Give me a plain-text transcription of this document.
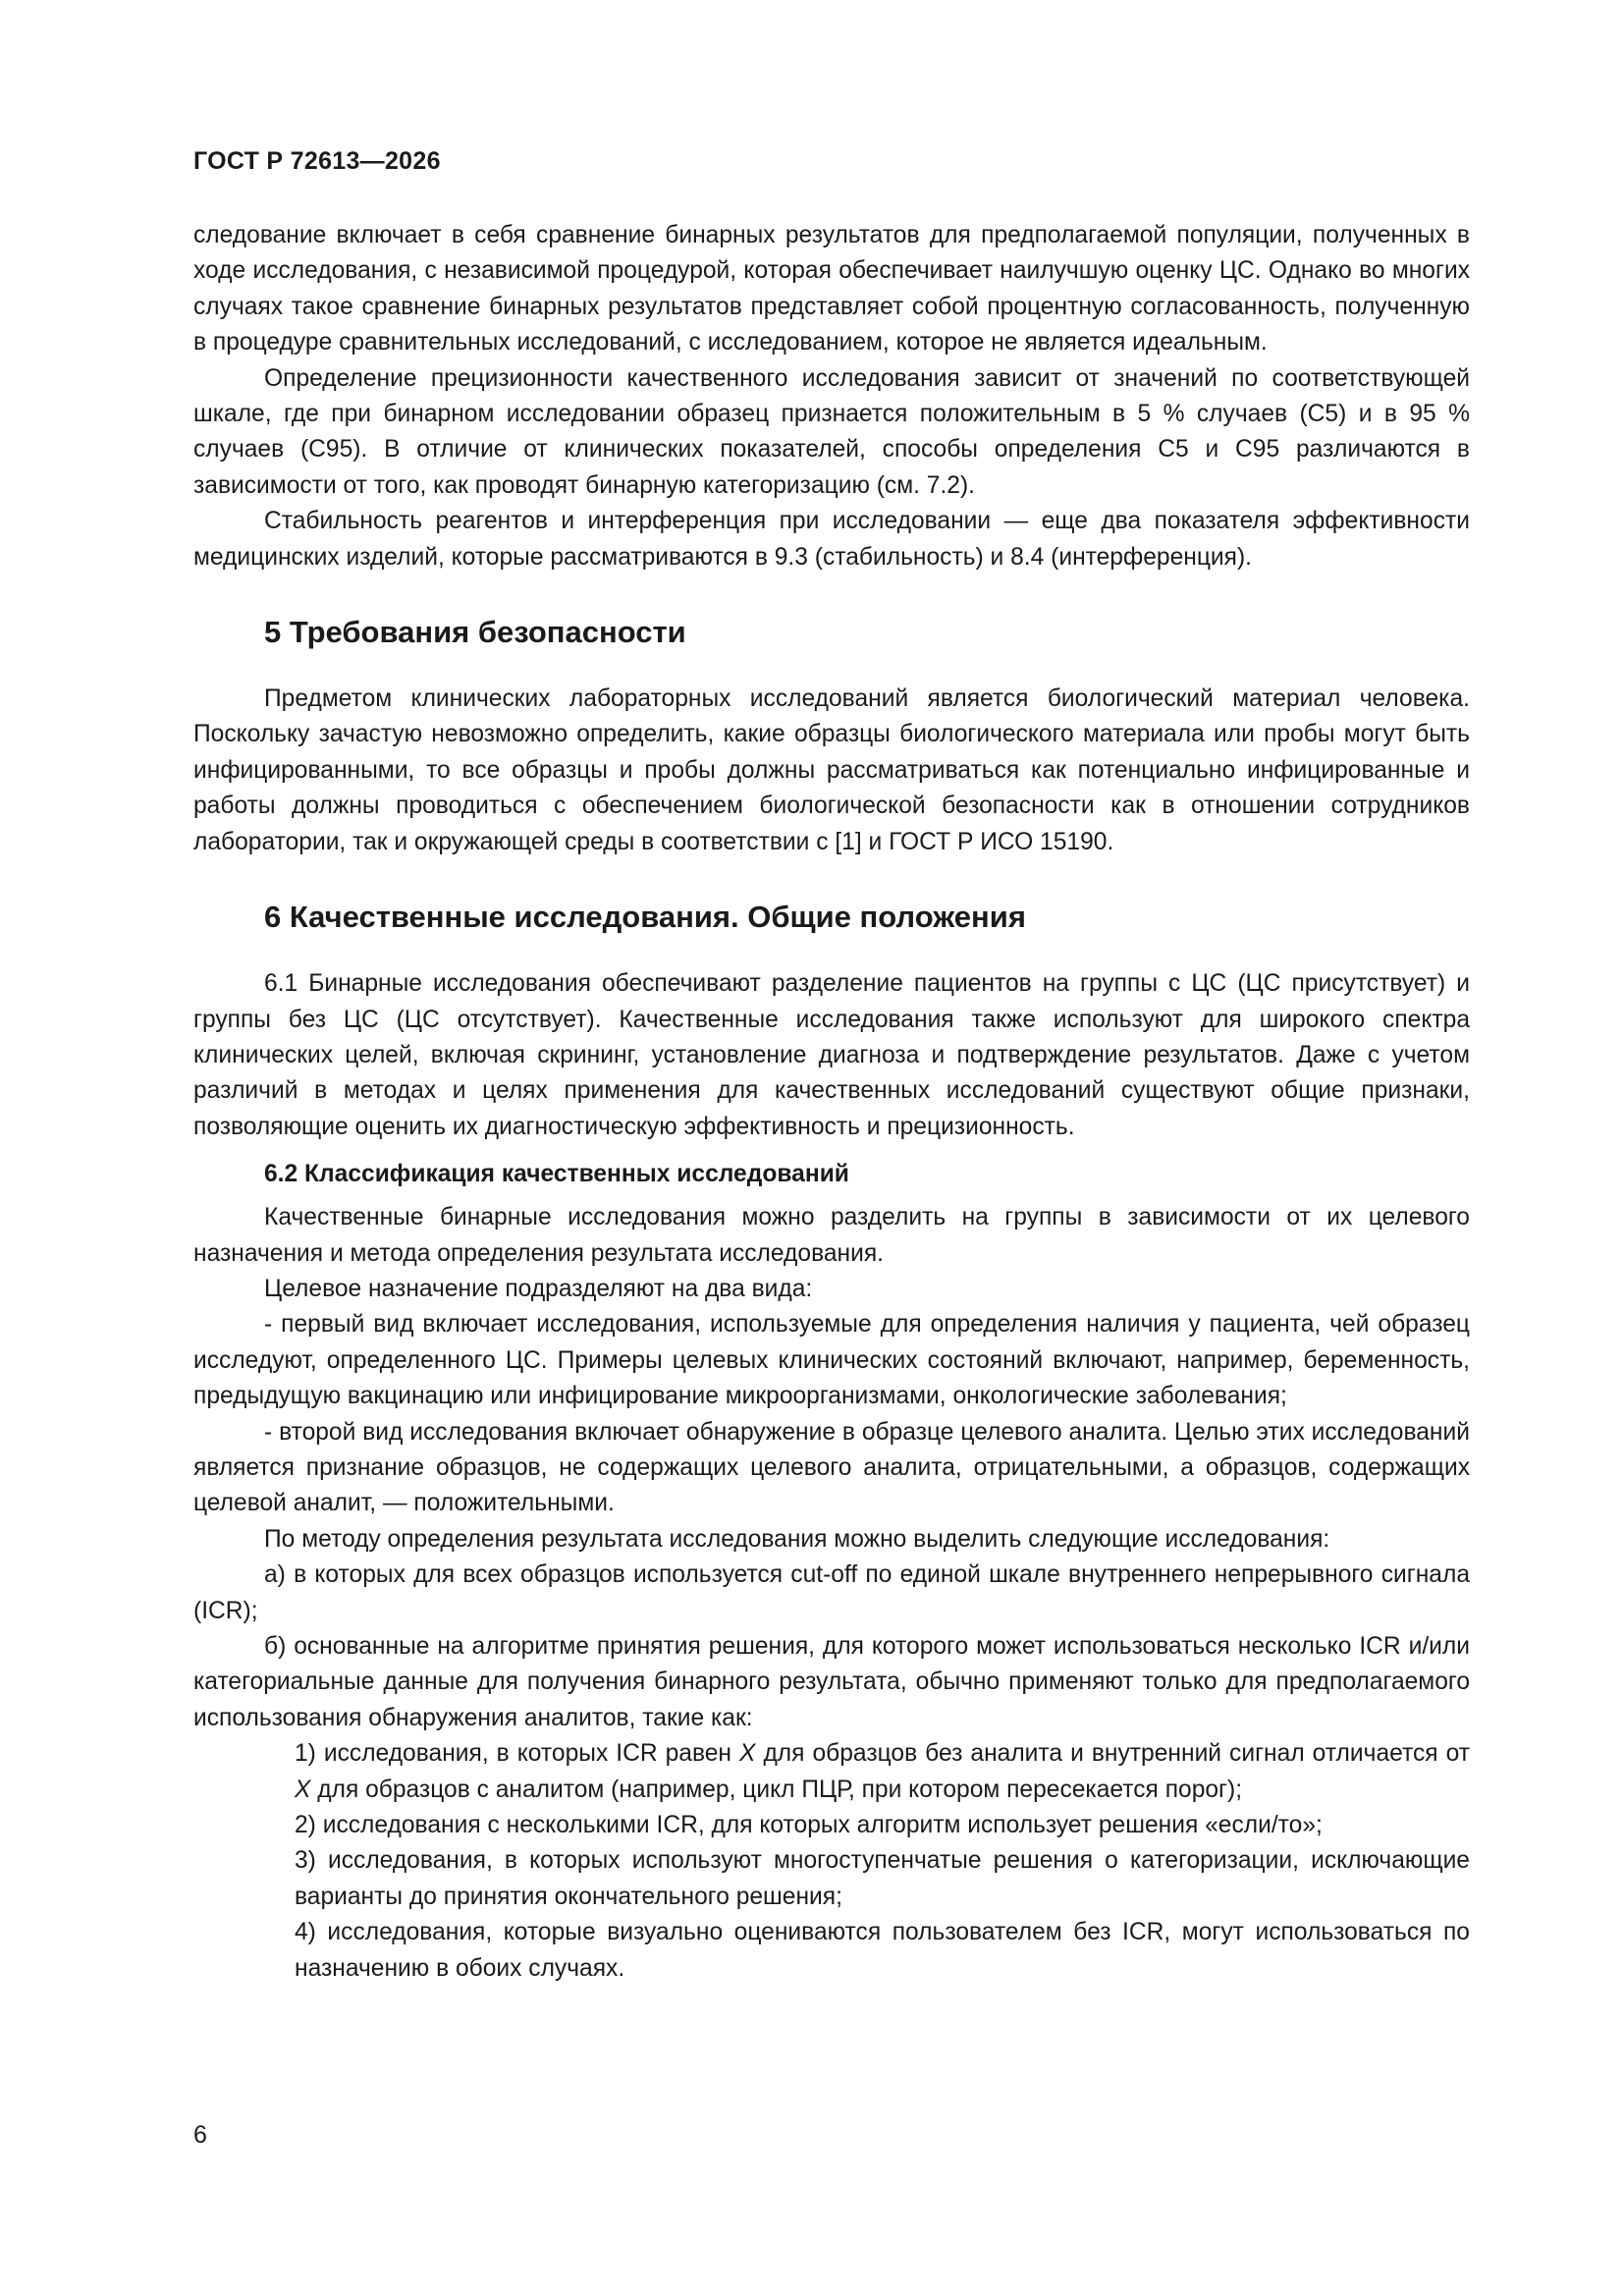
ГОСТ Р 72613—2026

следование включает в себя сравнение бинарных результатов для предполагаемой популяции, полученных в ходе исследования, с независимой процедурой, которая обеспечивает наилучшую оценку ЦС. Однако во многих случаях такое сравнение бинарных результатов представляет собой процентную согласованность, полученную в процедуре сравнительных исследований, с исследованием, которое не является идеальным.

Определение прецизионности качественного исследования зависит от значений по соответствующей шкале, где при бинарном исследовании образец признается положительным в 5 % случаев (C5) и в 95 % случаев (C95). В отличие от клинических показателей, способы определения C5 и C95 различаются в зависимости от того, как проводят бинарную категоризацию (см. 7.2).

Стабильность реагентов и интерференция при исследовании — еще два показателя эффективности медицинских изделий, которые рассматриваются в 9.3 (стабильность) и 8.4 (интерференция).

5 Требования безопасности

Предметом клинических лабораторных исследований является биологический материал человека. Поскольку зачастую невозможно определить, какие образцы биологического материала или пробы могут быть инфицированными, то все образцы и пробы должны рассматриваться как потенциально инфицированные и работы должны проводиться с обеспечением биологической безопасности как в отношении сотрудников лаборатории, так и окружающей среды в соответствии с [1] и ГОСТ Р ИСО 15190.

6 Качественные исследования. Общие положения

6.1 Бинарные исследования обеспечивают разделение пациентов на группы с ЦС (ЦС присутствует) и группы без ЦС (ЦС отсутствует). Качественные исследования также используют для широкого спектра клинических целей, включая скрининг, установление диагноза и подтверждение результатов. Даже с учетом различий в методах и целях применения для качественных исследований существуют общие признаки, позволяющие оценить их диагностическую эффективность и прецизионность.

6.2 Классификация качественных исследований

Качественные бинарные исследования можно разделить на группы в зависимости от их целевого назначения и метода определения результата исследования.

Целевое назначение подразделяют на два вида:

- первый вид включает исследования, используемые для определения наличия у пациента, чей образец исследуют, определенного ЦС. Примеры целевых клинических состояний включают, например, беременность, предыдущую вакцинацию или инфицирование микроорганизмами, онкологические заболевания;

- второй вид исследования включает обнаружение в образце целевого аналита. Целью этих исследований является признание образцов, не содержащих целевого аналита, отрицательными, а образцов, содержащих целевой аналит, — положительными.

По методу определения результата исследования можно выделить следующие исследования:

а) в которых для всех образцов используется cut-off по единой шкале внутреннего непрерывного сигнала (ICR);

б) основанные на алгоритме принятия решения, для которого может использоваться несколько ICR и/или категориальные данные для получения бинарного результата, обычно применяют только для предполагаемого использования обнаружения аналитов, такие как:

1) исследования, в которых ICR равен X для образцов без аналита и внутренний сигнал отличается от X для образцов с аналитом (например, цикл ПЦР, при котором пересекается порог);

2) исследования с несколькими ICR, для которых алгоритм использует решения «если/то»;

3) исследования, в которых используют многоступенчатые решения о категоризации, исключающие варианты до принятия окончательного решения;

4) исследования, которые визуально оцениваются пользователем без ICR, могут использоваться по назначению в обоих случаях.

6
